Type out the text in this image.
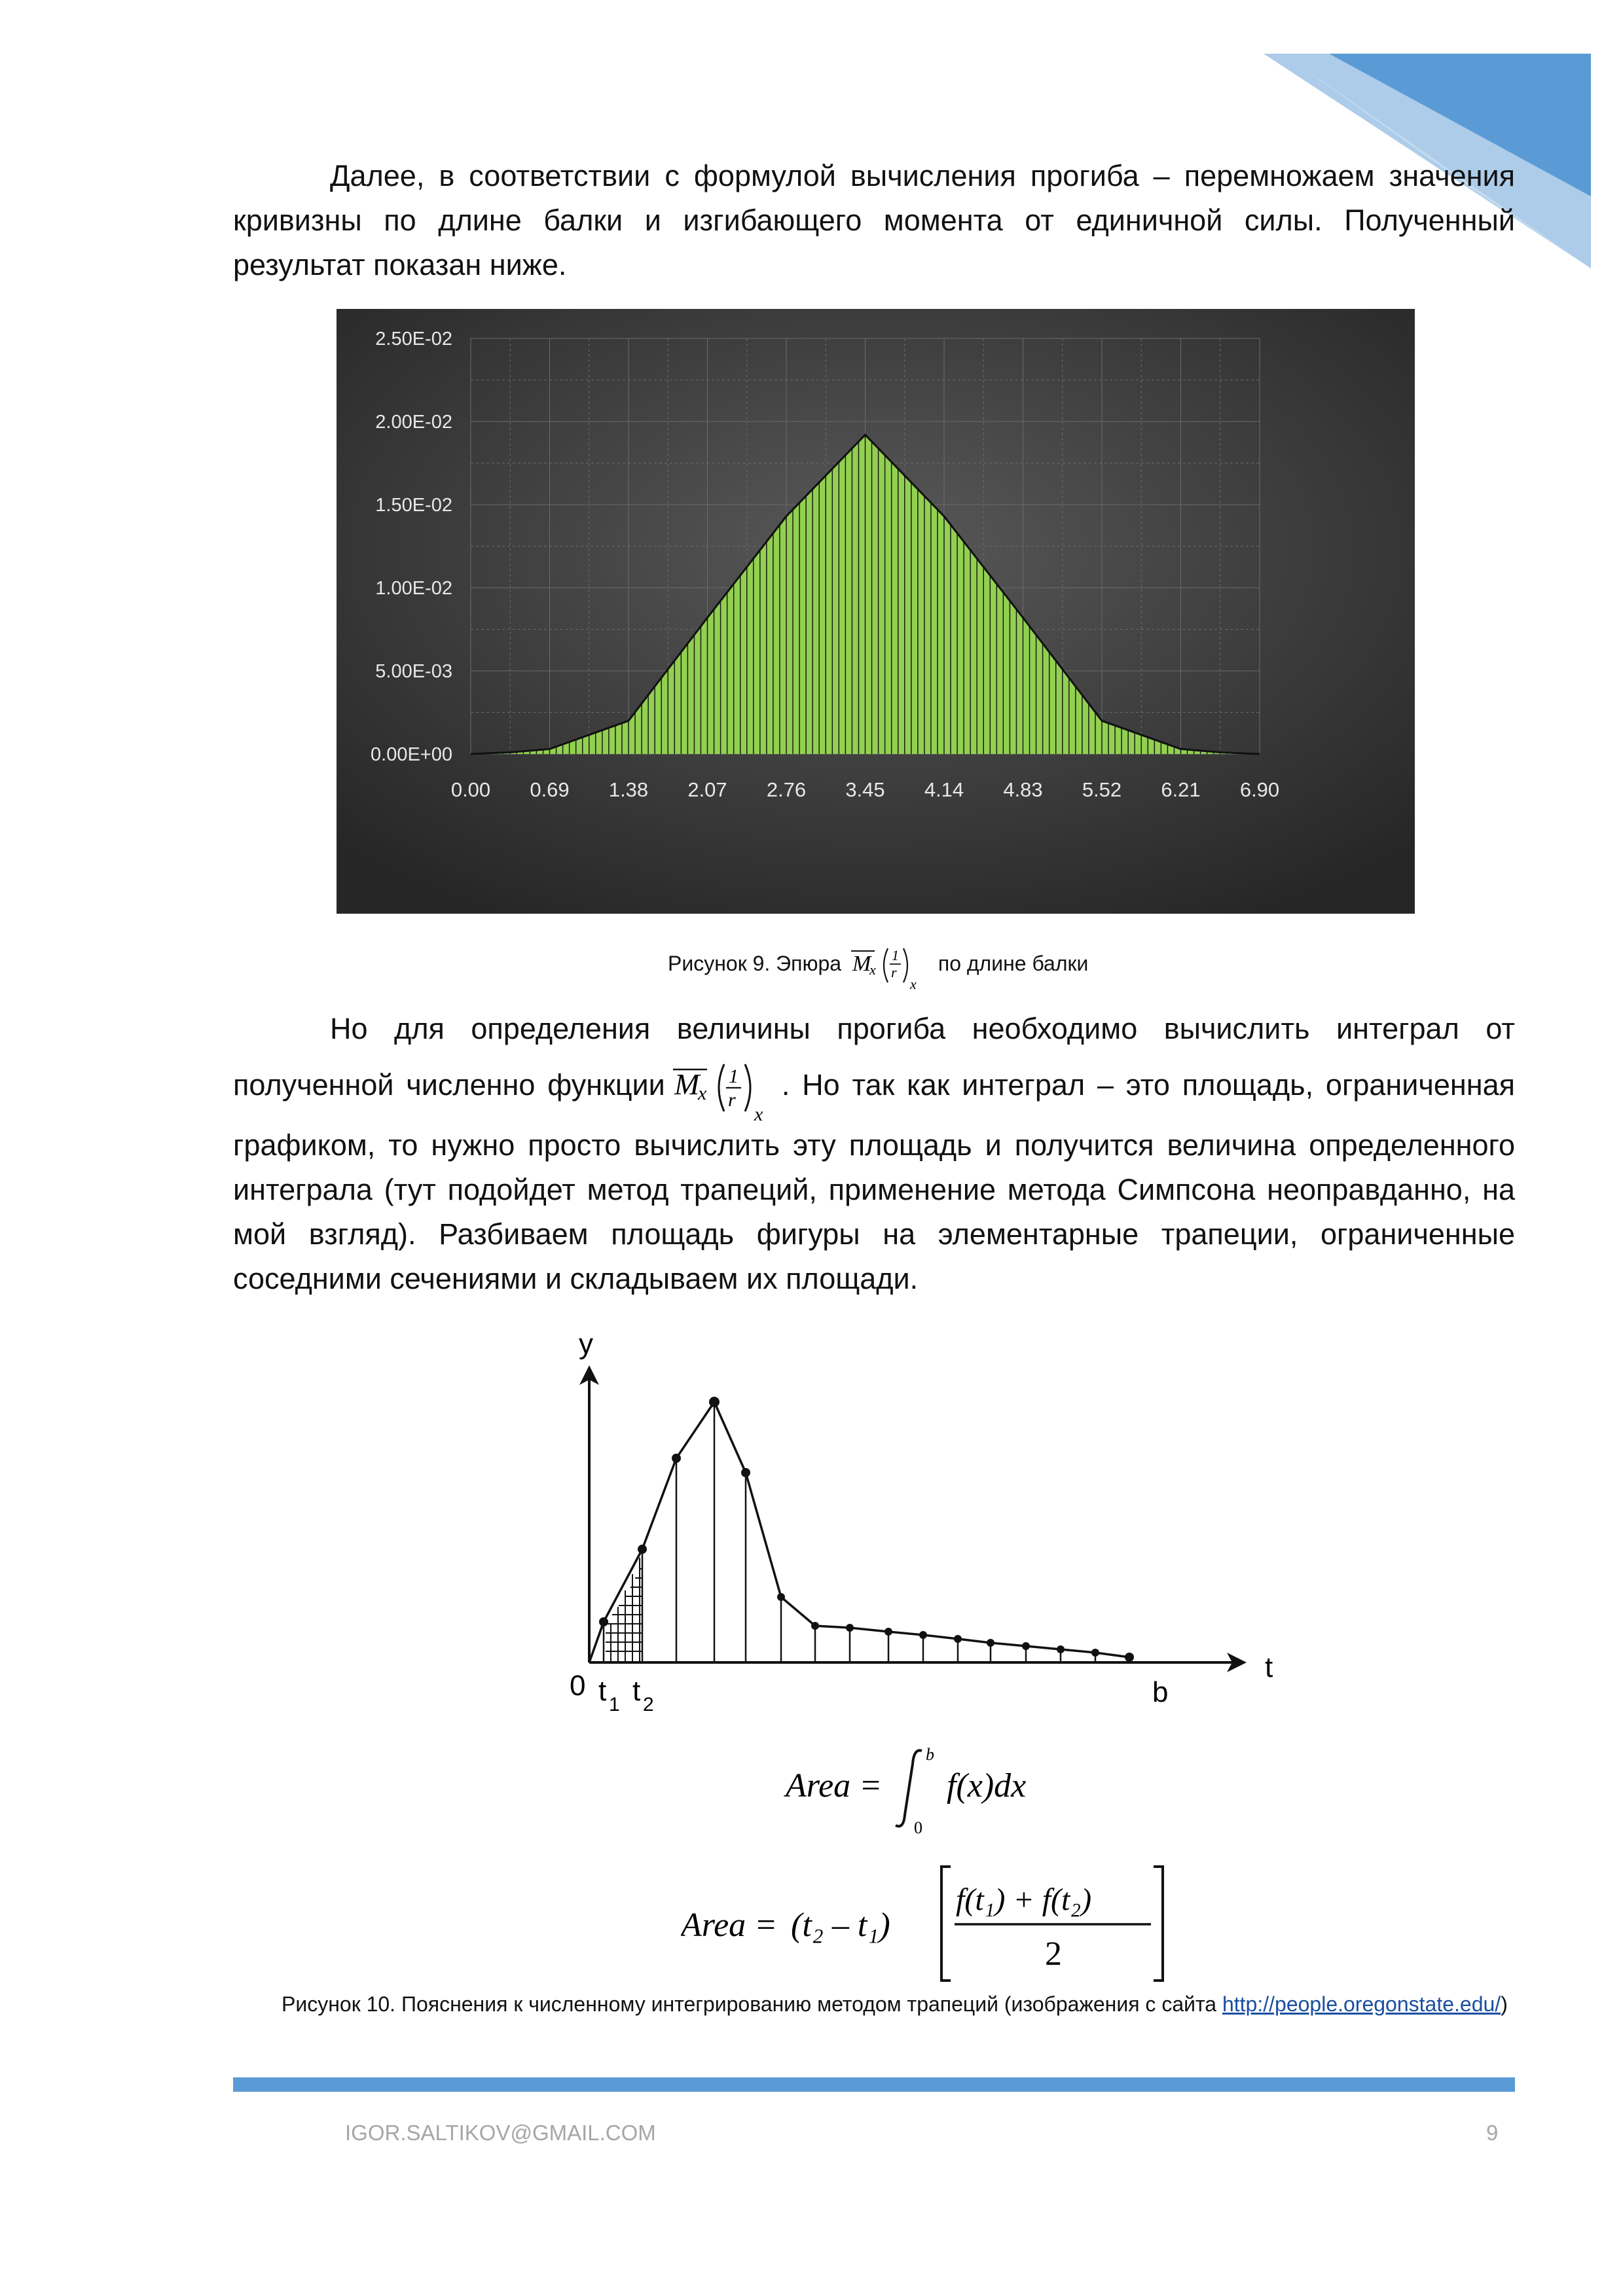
Далее, в соответствии с формулой вычисления прогиба – перемножаем значения кривизны по длине балки и изгибающего момента от единичной силы. Полученный результат показан ниже.

0.00E+00
5.00E-03
1.00E-02
1.50E-02
2.00E-02
2.50E-02
0.00 0.69 1.38 2.07 2.76 3.45 4.14 4.83 5.52 6.21 6.90
Рисунок 9. Эпюра M
x
1
r
x
по длине балки

Но для определения величины прогиба необходимо вычислить интеграл от полученной численно функции M
x
1
r
x
. Но так как интеграл – это площадь, ограниченная графиком, то нужно просто вычислить эту площадь и получится величина определенного интеграла (тут подойдет метод трапеций, применение метода Симпсона неоправданно, на мой взгляд). Разбиваем площадь фигуры на элементарные трапеции, ограниченные соседними сечениями и складываем их площади.

y
t
0 t 1 t 2	b
Area =
b
0
f(x)dx
Area = (t₂ – t₁)
f(t₁) + f(t₂)
2

Рисунок 10. Пояснения к численному интегрированию методом трапеций (изображения с сайта http://people.oregonstate.edu/)

IGOR.SALTIKOV@GMAIL.COM	9
